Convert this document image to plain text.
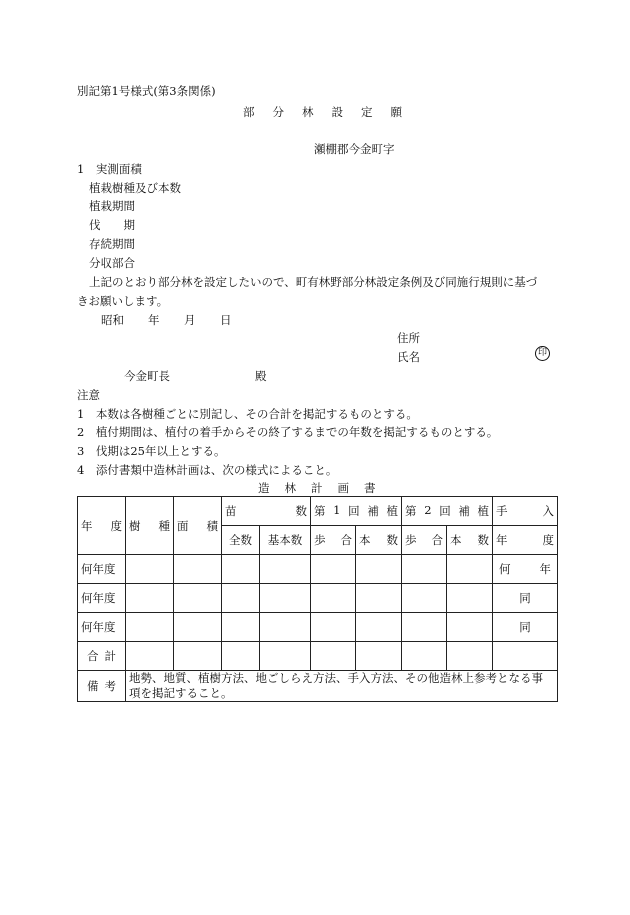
別記第1号様式(第3条関係)
部 分 林 設 定 願
瀬棚郡今金町字
1　実測面積
植栽樹種及び本数
植栽期間
伐　　期
存続期間
分収部合
上記のとおり部分林を設定したいので、町有林野部分林設定条例及び同施行規則に基づ
きお願いします。
昭和 年 月 日
住所
氏名	印
今金町長	殿
注意
1　本数は各樹種ごとに別記し、その合計を掲記するものとする。
2　植付期間は、植付の着手からその終了するまでの年数を掲記するものとする。
3　伐期は25年以上とする。
4　添付書類中造林計画は、次の様式によること。
造 林 計 画 書
年 度	樹 種	面 積	苗 数		第 1 回 補 植		第 2 回 補 植		手 入

			全数	基本数	歩 合	本 数	歩 合	本 数	年 度

何年度									何 年

何年度									同
何年度									同

合 計									

備 考	地勢、地質、植樹方法、地ごしらえ方法、手入方法、その他造林上参考となる事項を掲記すること。								
